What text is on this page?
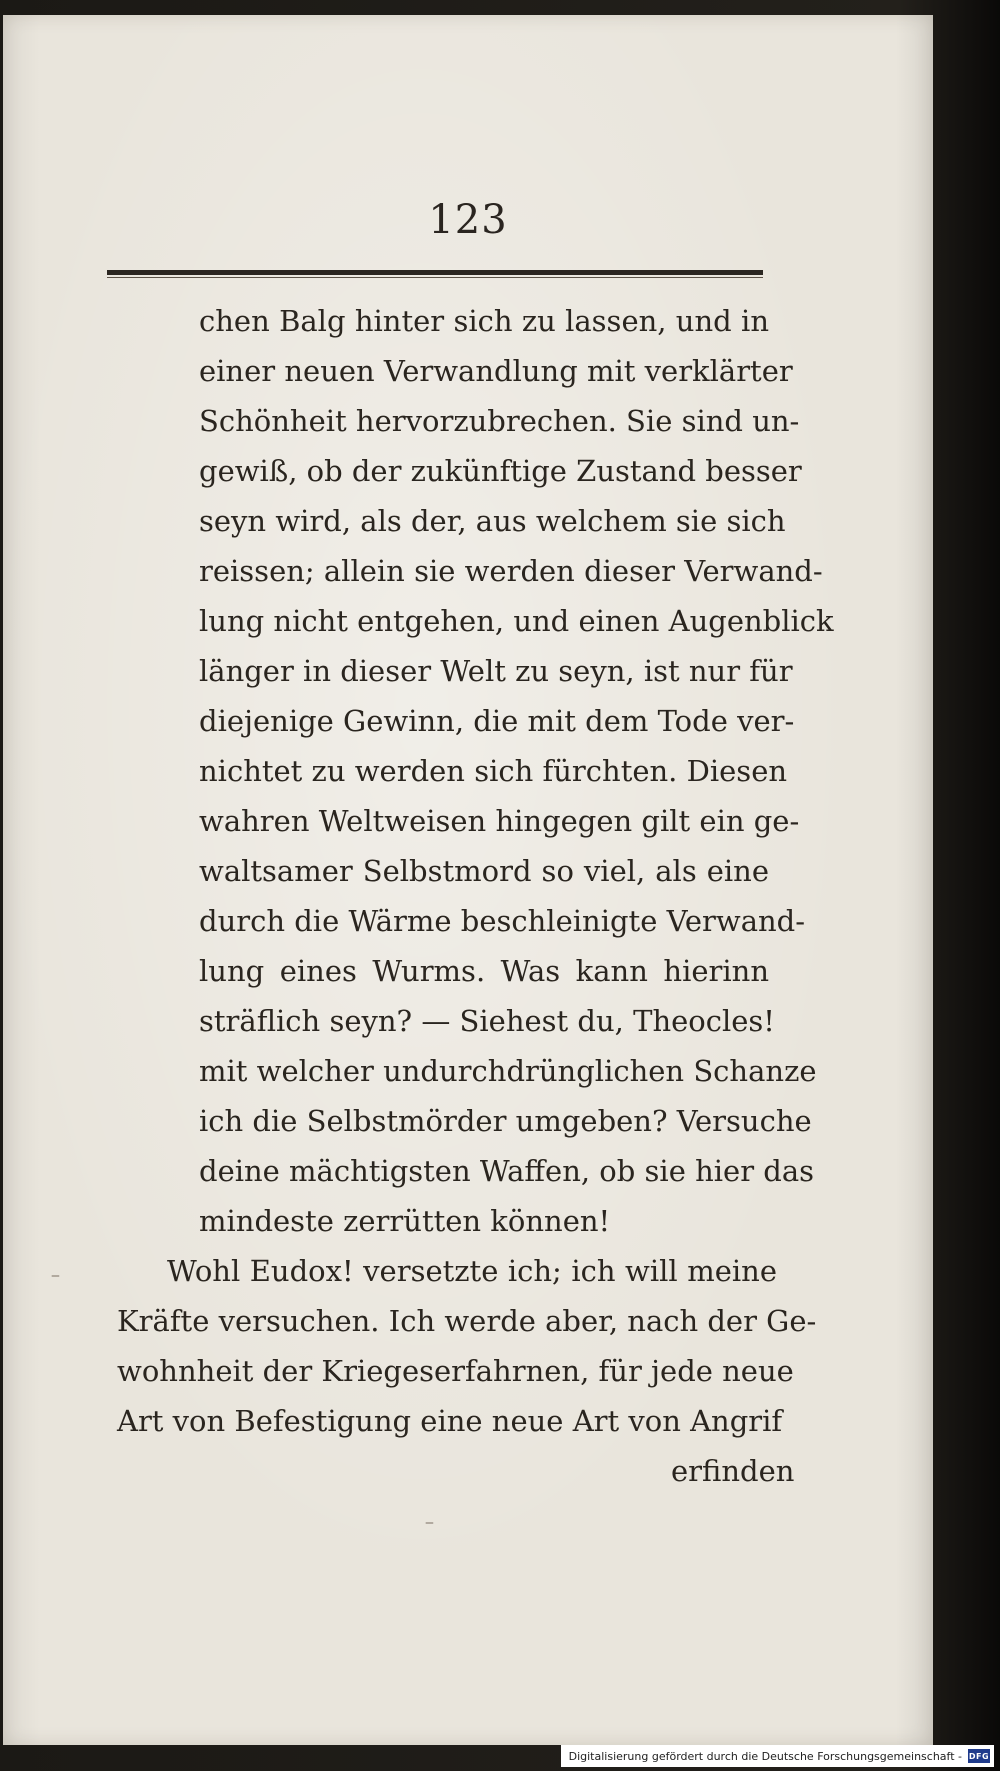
123
chen Balg hinter sich zu lassen, und in
einer neuen Verwandlung mit verklärter
Schönheit hervorzubrechen. Sie sind un-
gewiß, ob der zukünftige Zustand besser
seyn wird, als der, aus welchem sie sich
reissen; allein sie werden dieser Verwand-
lung nicht entgehen, und einen Augenblick
länger in dieser Welt zu seyn, ist nur für
diejenige Gewinn, die mit dem Tode ver-
nichtet zu werden sich fürchten. Diesen
wahren Weltweisen hingegen gilt ein ge-
waltsamer Selbstmord so viel, als eine
durch die Wärme beschleinigte Verwand-
lung eines Wurms. Was kann hierinn
sträflich seyn? — Siehest du, Theocles!
mit welcher undurchdrünglichen Schanze
ich die Selbstmörder umgeben? Versuche
deine mächtigsten Waffen, ob sie hier das
mindeste zerrütten können!
Wohl Eudox! versetzte ich; ich will meine
Kräfte versuchen. Ich werde aber, nach der Ge-
wohnheit der Kriegeserfahrnen, für jede neue
Art von Befestigung eine neue Art von Angrif
erfinden
‒
‒
Digitalisierung gefördert durch die Deutsche Forschungsgemeinschaft - DFG
